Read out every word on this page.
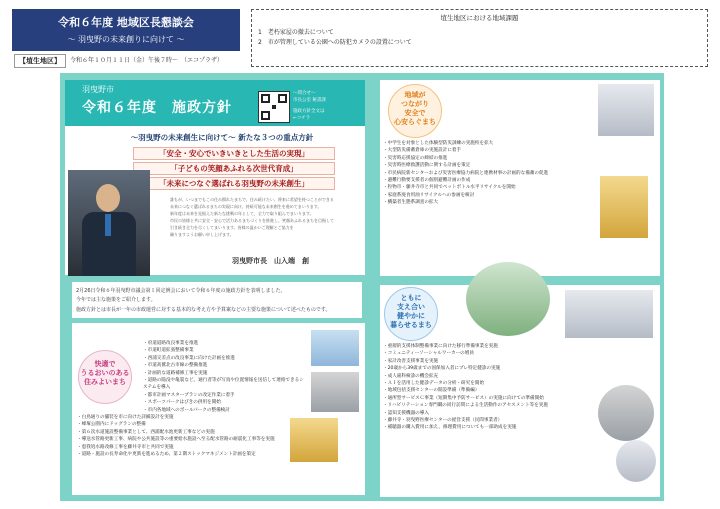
令和６年度 地域区長懇談会
～ 羽曳野の未来創りに向けて ～
【埴生地区】	令和６年１０月１１日（金）午後７時～　（エコプラザ）
埴生地区における地域課題
1　老朽家屋の撤去について
2　市が管理している公園への防犯カメラの設置について
羽曳野市
令和６年度　施政方針
～問合せ～
市長公室 秘書課
施政方針全文は
←コチラ
～羽曳野の未来創生に向けて～ 新たな３つの重点方針
「安全・安心でいきいきとした生活の実現」
「子どもの笑顔あふれる次世代育成」
「未来につなぐ選ばれる羽曳野の未来創生」
誰もが、いつまでもこの住み慣れたまちで、住み続けたい、将来に希望を持つことができる
未来につなぐ選ばれるまちの実現に向け、持続可能な未来創生を進めてまいります。
新年度は未来を見据えた新たな挑戦の年として、全力で取り組んでまいります。
市民の皆様と共に安全・安心で活力あるまちづくりを推進し、笑顔あふれるまちを目指して
引き続き全力を尽くしてまいります。皆様の温かいご理解とご協力を
賜りますようお願い申し上げます。
羽曳野市長　山入端　創
2月26日令和６年羽曳野市議会第１回定例会において令和６年度の施政方針を表明しました。
今年では主な施策をご紹介します。
施政方針とは市長が一年の市政運営に対する基本的な考え方や予算案などの主要な施策について述べたものです。
快適で
うるおいのある
住みよいまち
・府道道路改良事業を推進
・市道町道拡張整備事業
・西浦交差点の改良事業に向けた計画を推進
・市道高鷲北古市線の整備推進
・計画的な道路補修工事を実施
・道路の陥没や亀裂など、通行者等が写真や位置情報を送信して連絡できるシステムを導入
・都市計画マスタープランの改定作業に着手
・スポーツパークはびきの供用を開始
・市内各地域へのボールパークの整備検討
・白鳥通りの舗装を市に向けた詳細設計を実施
・峰塚公園内にドッグランの整備
・第６次水道施設整備事業として、西浦配水池更新工事などの実施
・導送水管路更新工事、病院や公共施設等の重要給水施設へ至る配水管路の耐震化工事等を実施
・恵我処水路改修工事を藤井寺市と共同で実施
・道路・施設の長寿命化や更新を進めるため、第２期ストックマネジメント計画を策定
地域が
つながり
安全で
心安らぐまち
・中学生を対象とした体験型防災訓練の実施校を拡大
・大型防災備蓄倉庫の実施設計に着手
・災害時応援協定の締結の推進
・災害時医療救護活動に関する計画を策定
・市民病院新センターおよび災害医療協力病院と連携材事の計画的な備蓄の促進
・避難行動要支援者の個別避難計画の作成
・粒物市・藤井寺市と共同でペットボトル水平リサイクルを開始
・家庭系廃食用油リサイクルへの参画を検討
・構築者生態系調査の拡大
ともに
支え合い
健やかに
暮らせるまち
・重層的支援体制整備事業に向けた移行準備事業を実施
・コミュニティーソーシャルワーカーの増員
・家計改善支援事業を実施
・20歳から39歳までの国保加入者にプレ特定健診の実施
・成人歯科検診の機会拡充
・ＡＩを活用した健診データの分析・研究を開始
・地域包括支援センターの開設準備（準備編）
・通所型サービスＣ事業（短期集中予防サービス）の実施に向けての準備開始
・リハビリテーション専門職の同行訪問による生活動作のアセスメント等を実施
・認知支援機器の導入
・藤井寺・羽曳野医療センターの経営支援（民間事業者）
・補聴器の購入費用に加え、修理費用についても一部助成を実施
